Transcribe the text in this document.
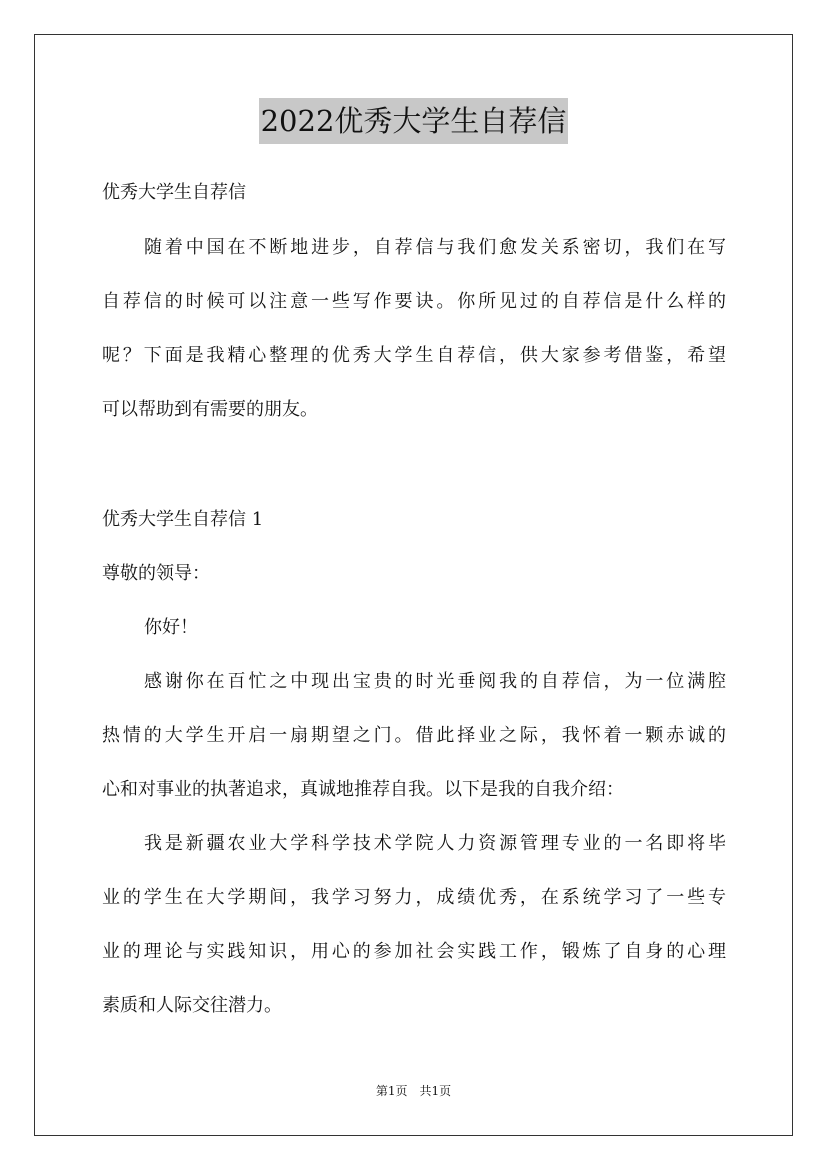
2022优秀大学生自荐信
优秀大学生自荐信
随着中国在不断地进步，自荐信与我们愈发关系密切，我们在写
自荐信的时候可以注意一些写作要诀。你所见过的自荐信是什么样的
呢？下面是我精心整理的优秀大学生自荐信，供大家参考借鉴，希望
可以帮助到有需要的朋友。
优秀大学生自荐信 1
尊敬的领导：
你好！
感谢你在百忙之中现出宝贵的时光垂阅我的自荐信，为一位满腔
热情的大学生开启一扇期望之门。借此择业之际，我怀着一颗赤诚的
心和对事业的执著追求，真诚地推荐自我。以下是我的自我介绍：
我是新疆农业大学科学技术学院人力资源管理专业的一名即将毕
业的学生在大学期间，我学习努力，成绩优秀，在系统学习了一些专
业的理论与实践知识，用心的参加社会实践工作，锻炼了自身的心理
素质和人际交往潜力。
第1页　共1页
